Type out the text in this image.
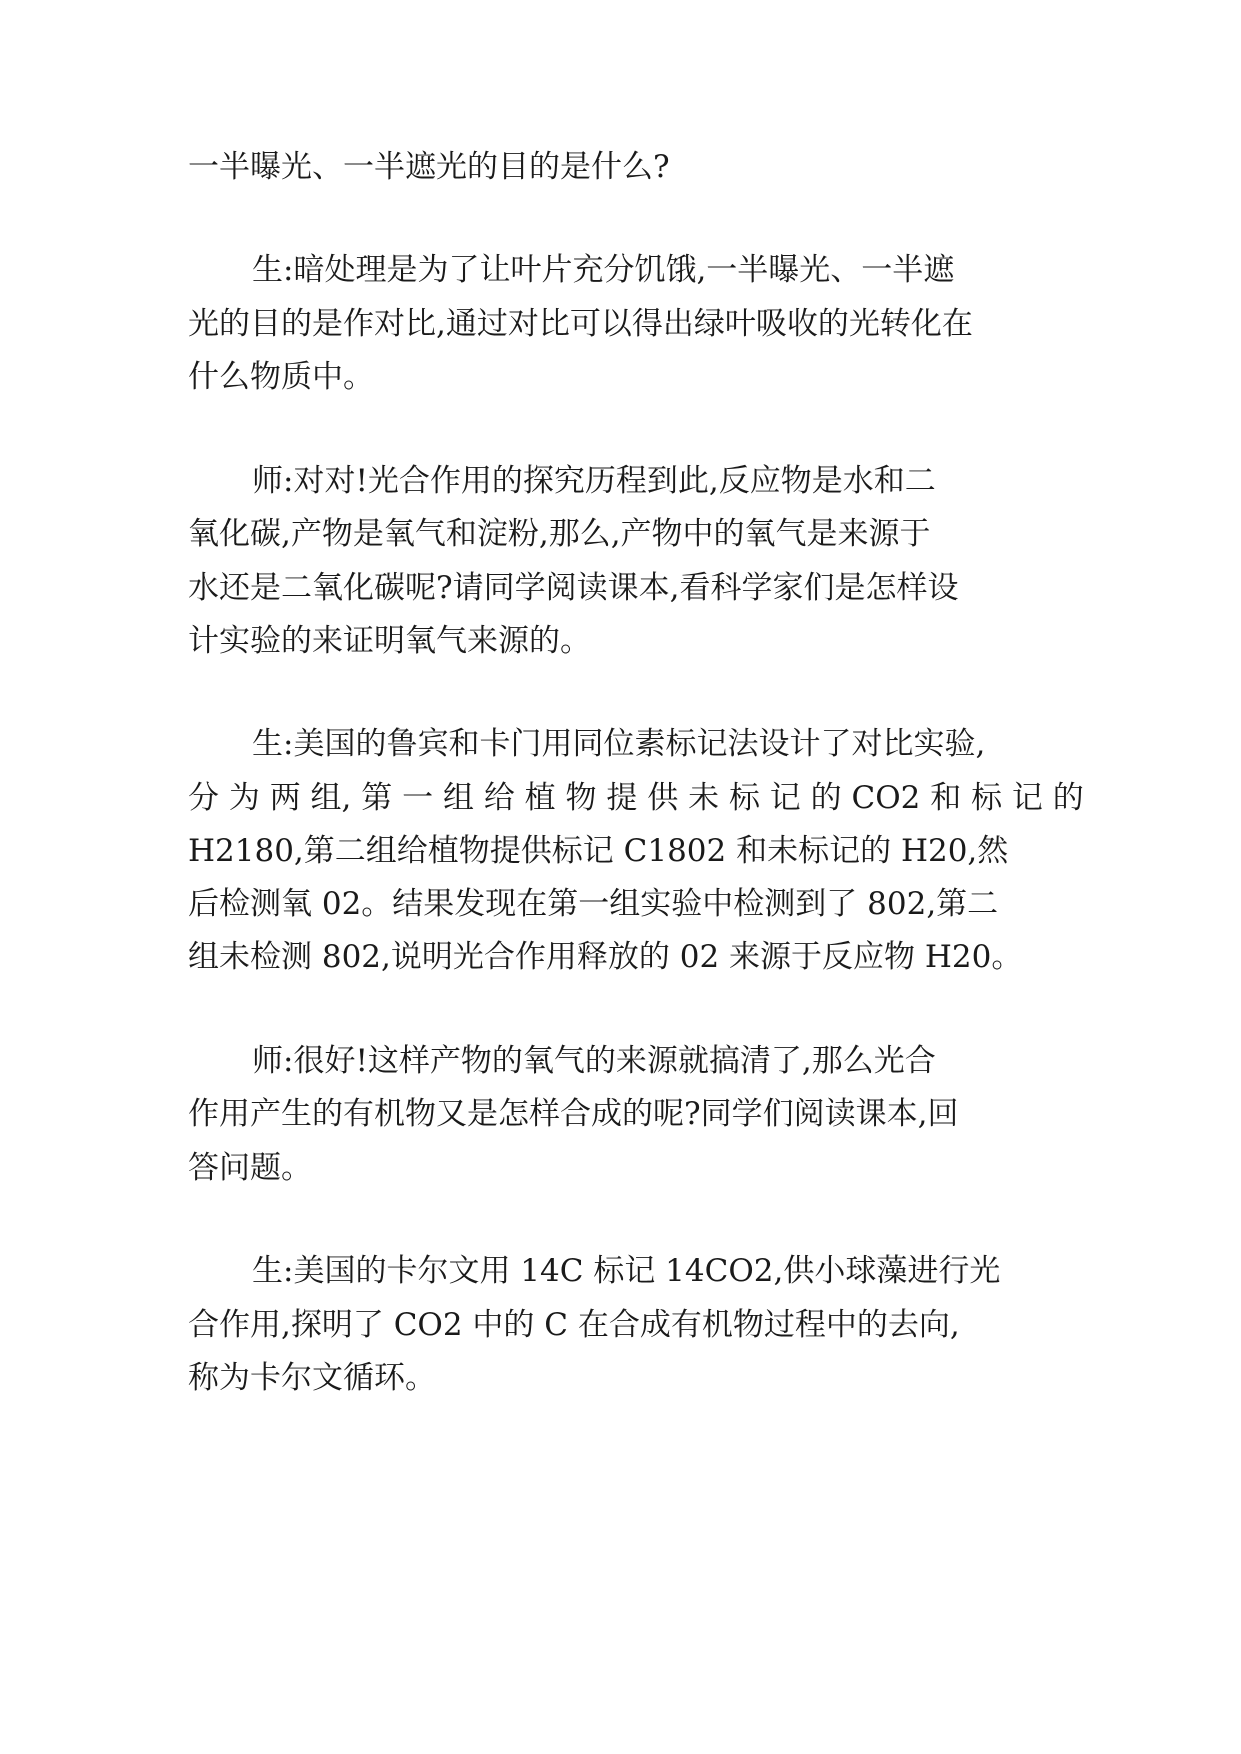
一半曝光、一半遮光的目的是什么?

生:暗处理是为了让叶片充分饥饿,一半曝光、一半遮

光的目的是作对比,通过对比可以得出绿叶吸收的光转化在

什么物质中。

师:对对!光合作用的探究历程到此,反应物是水和二

氧化碳,产物是氧气和淀粉,那么,产物中的氧气是来源于

水还是二氧化碳呢?请同学阅读课本,看科学家们是怎样设

计实验的来证明氧气来源的。

生:美国的鲁宾和卡门用同位素标记法设计了对比实验,

分 为 两 组, 第 一 组 给 植 物 提 供 未 标 记 的 CO2 和 标 记 的

H2180,第二组给植物提供标记 C1802 和未标记的 H20,然

后检测氧 02。结果发现在第一组实验中检测到了 802,第二

组未检测 802,说明光合作用释放的 02 来源于反应物 H20。

师:很好!这样产物的氧气的来源就搞清了,那么光合

作用产生的有机物又是怎样合成的呢?同学们阅读课本,回

答问题。

生:美国的卡尔文用 14C 标记 14CO2,供小球藻进行光

合作用,探明了 CO2 中的 C 在合成有机物过程中的去向,

称为卡尔文循环。
